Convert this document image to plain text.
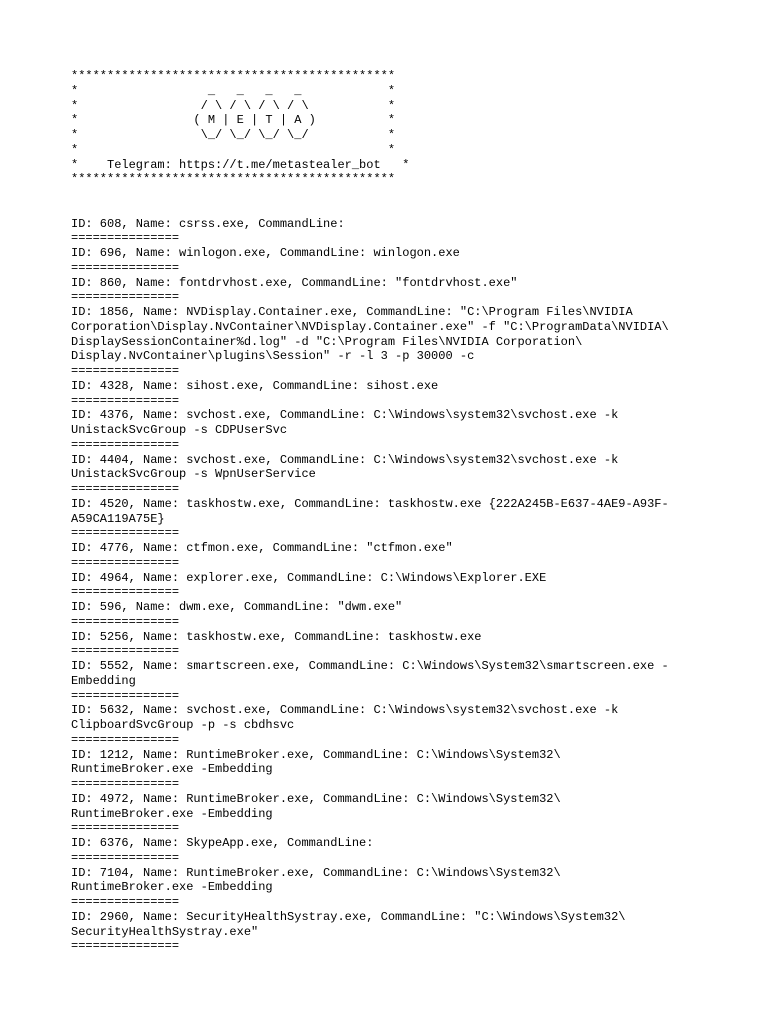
*********************************************
*                  _   _   _   _            *
*                 / \ / \ / \ / \           *
*                ( M | E | T | A )          *
*                 \_/ \_/ \_/ \_/           *
*                                           *
*    Telegram: https://t.me/metastealer_bot   *
*********************************************
ID: 608, Name: csrss.exe, CommandLine:
===============
ID: 696, Name: winlogon.exe, CommandLine: winlogon.exe
===============
ID: 860, Name: fontdrvhost.exe, CommandLine: "fontdrvhost.exe"
===============
ID: 1856, Name: NVDisplay.Container.exe, CommandLine: "C:\Program Files\NVIDIA
Corporation\Display.NvContainer\NVDisplay.Container.exe" -f "C:\ProgramData\NVIDIA\
DisplaySessionContainer%d.log" -d "C:\Program Files\NVIDIA Corporation\
Display.NvContainer\plugins\Session" -r -l 3 -p 30000 -c
===============
ID: 4328, Name: sihost.exe, CommandLine: sihost.exe
===============
ID: 4376, Name: svchost.exe, CommandLine: C:\Windows\system32\svchost.exe -k
UnistackSvcGroup -s CDPUserSvc
===============
ID: 4404, Name: svchost.exe, CommandLine: C:\Windows\system32\svchost.exe -k
UnistackSvcGroup -s WpnUserService
===============
ID: 4520, Name: taskhostw.exe, CommandLine: taskhostw.exe {222A245B-E637-4AE9-A93F-
A59CA119A75E}
===============
ID: 4776, Name: ctfmon.exe, CommandLine: "ctfmon.exe"
===============
ID: 4964, Name: explorer.exe, CommandLine: C:\Windows\Explorer.EXE
===============
ID: 596, Name: dwm.exe, CommandLine: "dwm.exe"
===============
ID: 5256, Name: taskhostw.exe, CommandLine: taskhostw.exe
===============
ID: 5552, Name: smartscreen.exe, CommandLine: C:\Windows\System32\smartscreen.exe -
Embedding
===============
ID: 5632, Name: svchost.exe, CommandLine: C:\Windows\system32\svchost.exe -k
ClipboardSvcGroup -p -s cbdhsvc
===============
ID: 1212, Name: RuntimeBroker.exe, CommandLine: C:\Windows\System32\
RuntimeBroker.exe -Embedding
===============
ID: 4972, Name: RuntimeBroker.exe, CommandLine: C:\Windows\System32\
RuntimeBroker.exe -Embedding
===============
ID: 6376, Name: SkypeApp.exe, CommandLine:
===============
ID: 7104, Name: RuntimeBroker.exe, CommandLine: C:\Windows\System32\
RuntimeBroker.exe -Embedding
===============
ID: 2960, Name: SecurityHealthSystray.exe, CommandLine: "C:\Windows\System32\
SecurityHealthSystray.exe"
===============
